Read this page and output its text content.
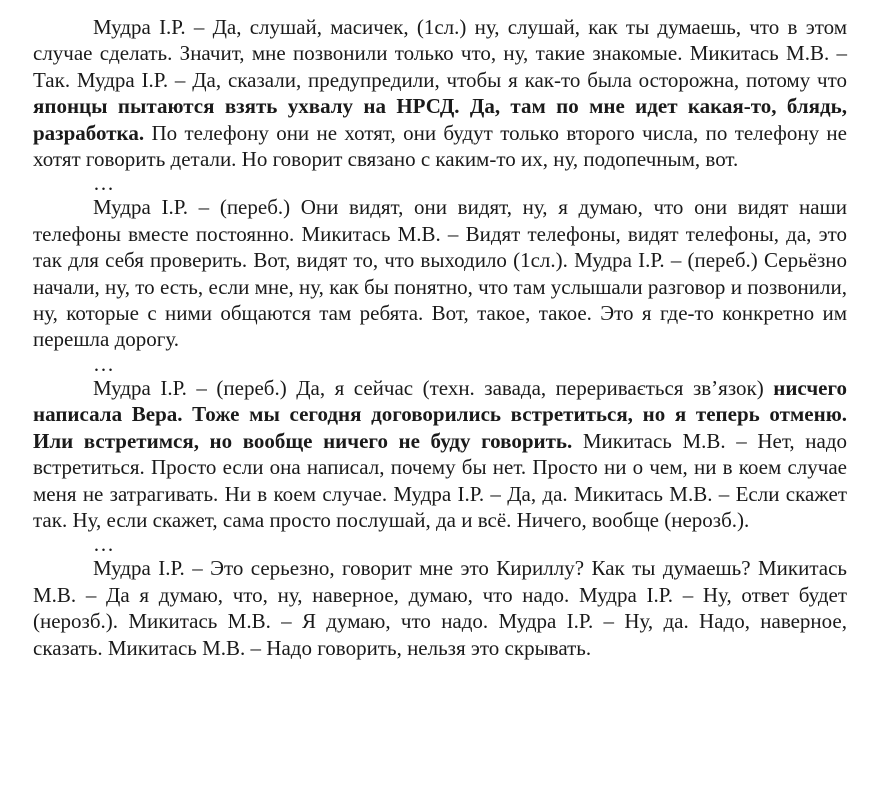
Мудра І.Р. – Да, слушай, масичек, (1сл.) ну, слушай, как ты думаешь, что в этом случае сделать. Значит, мне позвонили только что, ну, такие знакомые. Микитась М.В. – Так. Мудра І.Р. – Да, сказали, предупредили, чтобы я как-то была осторожна, потому что японцы пытаются взять ухвалу на НРСД. Да, там по мне идет какая-то, блядь, разработка. По телефону они не хотят, они будут только второго числа, по телефону не хотят говорить детали. Но говорит связано с каким-то их, ну, подопечным, вот.

…

Мудра І.Р. – (переб.) Они видят, они видят, ну, я думаю, что они видят наши телефоны вместе постоянно. Микитась М.В. – Видят телефоны, видят телефоны, да, это так для себя проверить. Вот, видят то, что выходило (1сл.). Мудра І.Р. – (переб.) Серьёзно начали, ну, то есть, если мне, ну, как бы понятно, что там услышали разговор и позвонили, ну, которые с ними общаются там ребята. Вот, такое, такое. Это я где-то конкретно им перешла дорогу.

…

Мудра І.Р. – (переб.) Да, я сейчас (техн. завада, переривається зв’язок) нисчего написала Вера. Тоже мы сегодня договорились встретиться, но я теперь отменю. Или встретимся, но вообще ничего не буду говорить. Микитась М.В. – Нет, надо встретиться. Просто если она написал, почему бы нет. Просто ни о чем, ни в коем случае меня не затрагивать. Ни в коем случае. Мудра І.Р. – Да, да. Микитась М.В. – Если скажет так. Ну, если скажет, сама просто послушай, да и всё. Ничего, вообще (нерозб.).

…

Мудра І.Р. – Это серьезно, говорит мне это Кириллу? Как ты думаешь? Микитась М.В. – Да я думаю, что, ну, наверное, думаю, что надо. Мудра І.Р. – Ну, ответ будет (нерозб.). Микитась М.В. – Я думаю, что надо. Мудра І.Р. – Ну, да. Надо, наверное, сказать. Микитась М.В. – Надо говорить, нельзя это скрывать.
